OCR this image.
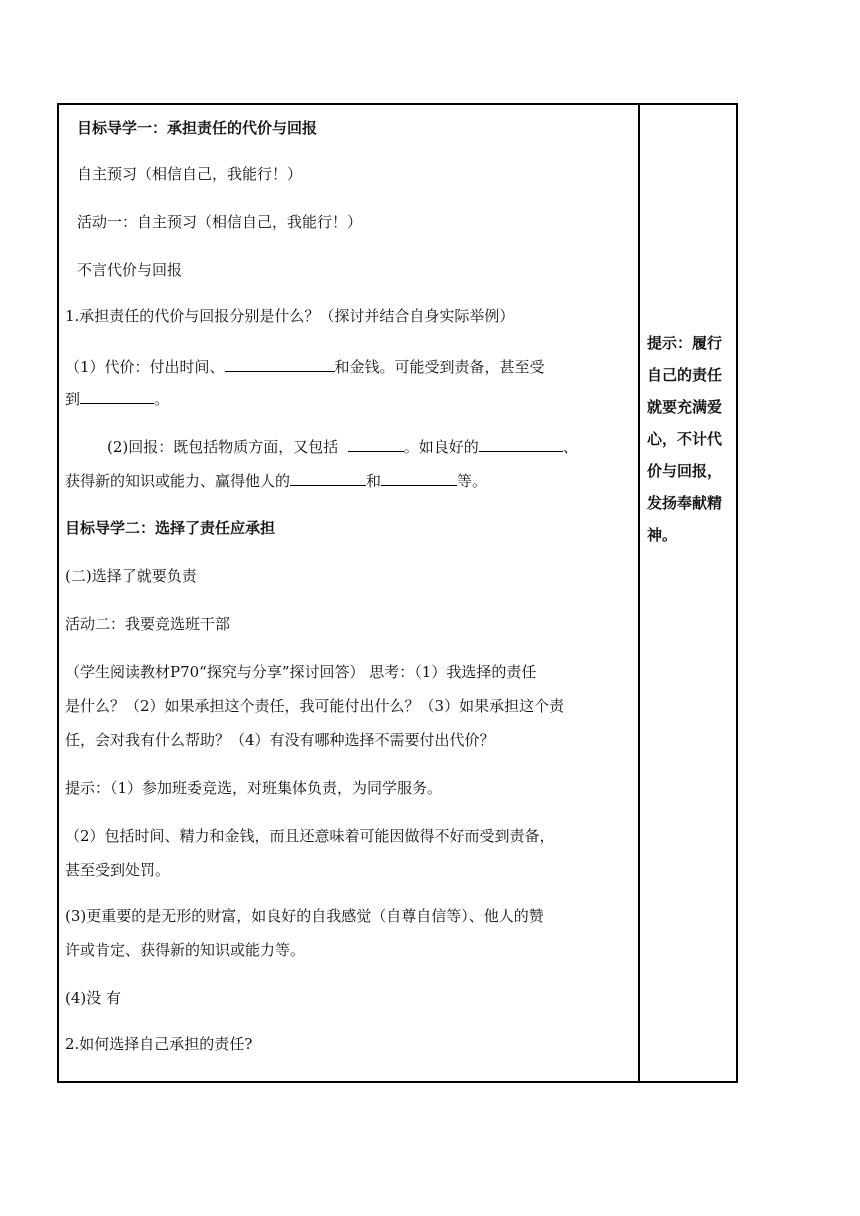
目标导学一：承担责任的代价与回报
自主预习（相信自己，我能行！）
活动一：自主预习（相信自己，我能行！）
不言代价与回报
1.承担责任的代价与回报分别是什么？（探讨并结合自身实际举例）
（1）代价：付出时间、	和金钱。可能受到责备，甚至受
到	。
(2)回报：既包括物质方面，又包括	。如良好的	、
获得新的知识或能力、赢得他人的	和	等。
目标导学二：选择了责任应承担
(二)选择了就要负责
活动二：我要竞选班干部
（学生阅读教材P70“探究与分享”探讨回答） 思考：（1）我选择的责任
是什么？（2）如果承担这个责任，我可能付出什么？（3）如果承担这个责
任，会对我有什么帮助？（4）有没有哪种选择不需要付出代价？
提示：（1）参加班委竞选，对班集体负责，为同学服务。
（2）包括时间、精力和金钱，而且还意味着可能因做得不好而受到责备，
甚至受到处罚。
(3)更重要的是无形的财富，如良好的自我感觉（自尊自信等）、他人的赞
许或肯定、获得新的知识或能力等。
(4)没 有
2.如何选择自己承担的责任?
提示：履行自己的责任就要充满爱心，不计代价与回报，发扬奉献精神。
